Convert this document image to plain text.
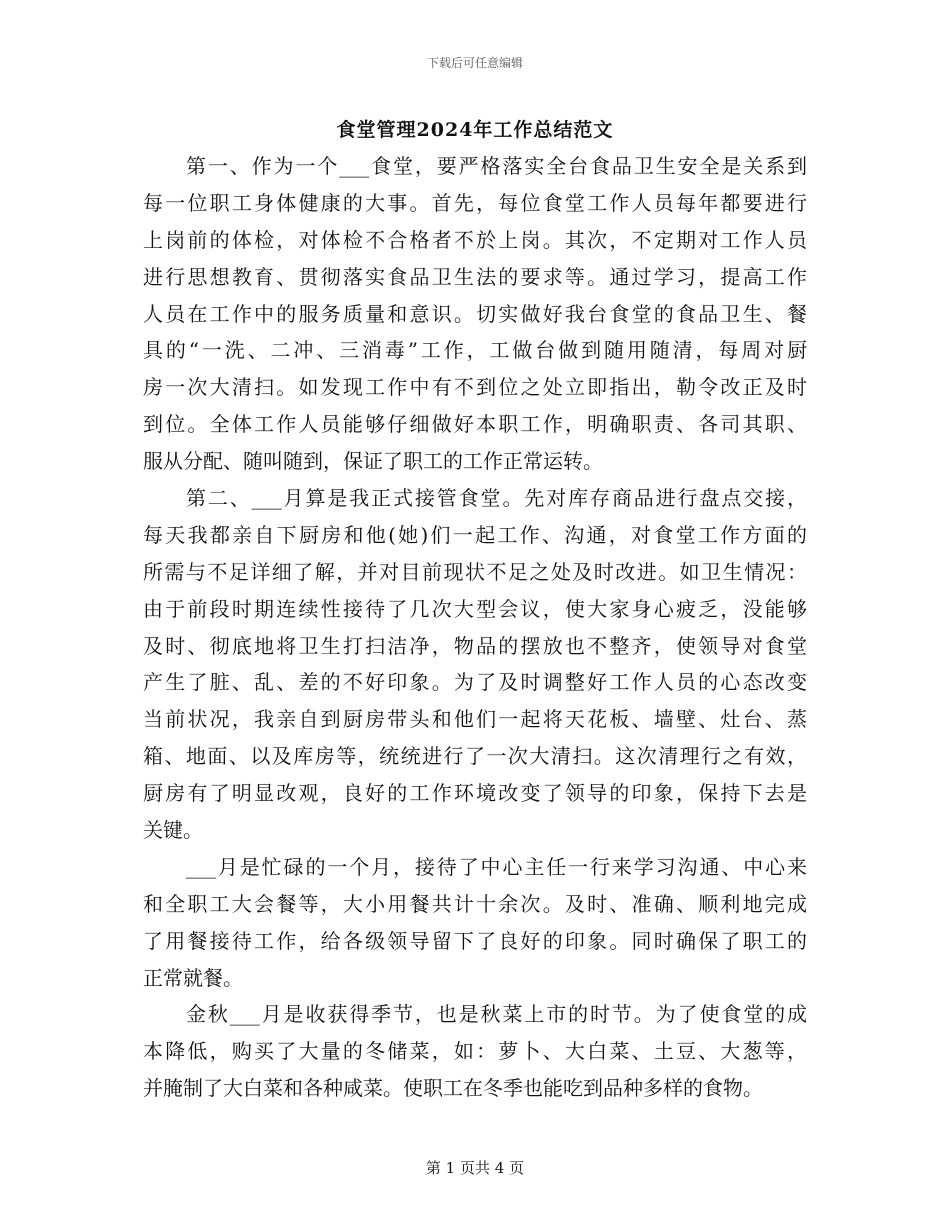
下载后可任意编辑
食堂管理2024年工作总结范文
第一、作为一个___食堂，要严格落实全台食品卫生安全是关系到
每一位职工身体健康的大事。首先，每位食堂工作人员每年都要进行
上岗前的体检，对体检不合格者不於上岗。其次，不定期对工作人员
进行思想教育、贯彻落实食品卫生法的要求等。通过学习，提高工作
人员在工作中的服务质量和意识。切实做好我台食堂的食品卫生、餐
具的“一洗、二冲、三消毒”工作，工做台做到随用随清，每周对厨
房一次大清扫。如发现工作中有不到位之处立即指出，勒令改正及时
到位。全体工作人员能够仔细做好本职工作，明确职责、各司其职、
服从分配、随叫随到，保证了职工的工作正常运转。
第二、___月算是我正式接管食堂。先对库存商品进行盘点交接，
每天我都亲自下厨房和他(她)们一起工作、沟通，对食堂工作方面的
所需与不足详细了解，并对目前现状不足之处及时改进。如卫生情况：
由于前段时期连续性接待了几次大型会议，使大家身心疲乏，没能够
及时、彻底地将卫生打扫洁净，物品的摆放也不整齐，使领导对食堂
产生了脏、乱、差的不好印象。为了及时调整好工作人员的心态改变
当前状况，我亲自到厨房带头和他们一起将天花板、墙壁、灶台、蒸
箱、地面、以及库房等，统统进行了一次大清扫。这次清理行之有效，
厨房有了明显改观，良好的工作环境改变了领导的印象，保持下去是
关键。
___月是忙碌的一个月，接待了中心主任一行来学习沟通、中心来
和全职工大会餐等，大小用餐共计十余次。及时、准确、顺利地完成
了用餐接待工作，给各级领导留下了良好的印象。同时确保了职工的
正常就餐。
金秋___月是收获得季节，也是秋菜上市的时节。为了使食堂的成
本降低，购买了大量的冬储菜，如：萝卜、大白菜、土豆、大葱等，
并腌制了大白菜和各种咸菜。使职工在冬季也能吃到品种多样的食物。
第 1 页共 4 页
